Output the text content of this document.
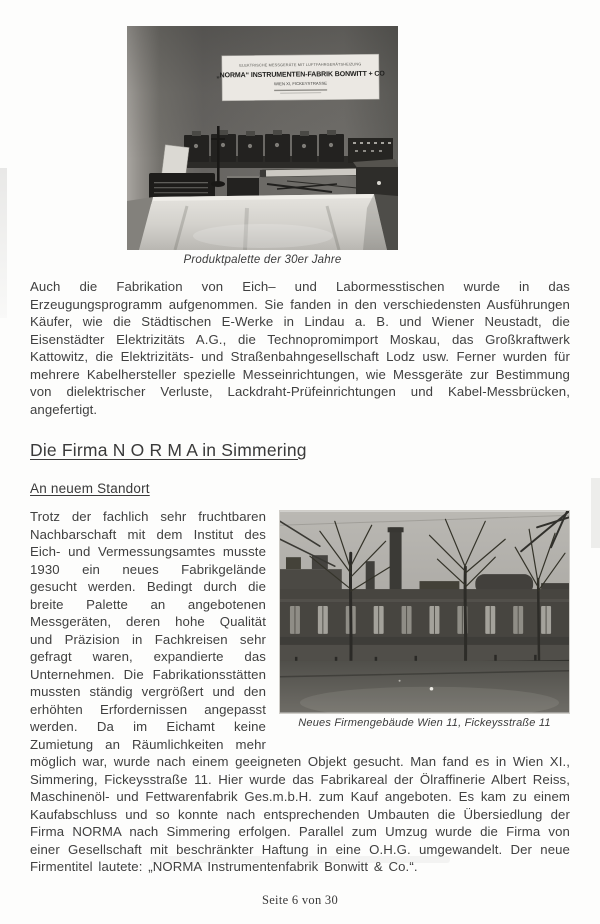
ELEKTRISCHE MESSGERÄTE MIT LUFTFAHRGERÄTSHEIZUNG
„NORMA“ INSTRUMENTEN-FABRIK BONWITT + CO
WIEN XI, FICKEYSTRASSE
Produktpalette der 30er Jahre

Auch die Fabrikation von Eich– und Labormesstischen wurde in das Erzeugungsprogramm aufgenommen. Sie fanden in den verschiedensten Ausführungen Käufer, wie die Städtischen E-Werke in Lindau a. B. und Wiener Neustadt, die Eisenstädter Elektrizitäts A.G., die Technopromimport Moskau, das Großkraftwerk Kattowitz, die Elektrizitäts- und Straßenbahngesellschaft Lodz usw. Ferner wurden für mehrere Kabelhersteller spezielle Messeinrichtungen, wie Messgeräte zur Bestimmung von dielektrischer Verluste, Lackdraht-Prüfeinrichtungen und Kabel-Messbrücken, angefertigt.

Die Firma N O R M A in Simmering
An neuem Standort
Neues Firmengebäude Wien 11, Fickeysstraße 11

Trotz der fachlich sehr fruchtbaren Nachbarschaft mit dem Institut des Eich- und Vermessungsamtes musste 1930 ein neues Fabrikgelände gesucht werden. Bedingt durch die breite Palette an angebotenen Messgeräten, deren hohe Qualität und Präzision in Fachkreisen sehr gefragt waren, expandierte das Unternehmen. Die Fabrikationsstätten mussten ständig vergrößert und den erhöhten Erfordernissen angepasst werden. Da im Eichamt keine Zumietung an Räumlichkeiten mehr möglich war, wurde nach einem geeigneten Objekt gesucht. Man fand es in Wien XI., Simmering, Fickeysstraße 11. Hier wurde das Fabrikareal der Ölraffinerie Albert Reiss, Maschinenöl- und Fettwarenfabrik Ges.m.b.H. zum Kauf angeboten. Es kam zu einem Kaufabschluss und so konnte nach entsprechenden Umbauten die Übersiedlung der Firma NORMA nach Simmering erfolgen. Parallel zum Umzug wurde die Firma von einer Gesellschaft mit beschränkter Haftung in eine O.H.G. umgewandelt. Der neue Firmentitel lautete: „NORMA Instrumentenfabrik Bonwitt & Co.“.

Seite 6 von 30
